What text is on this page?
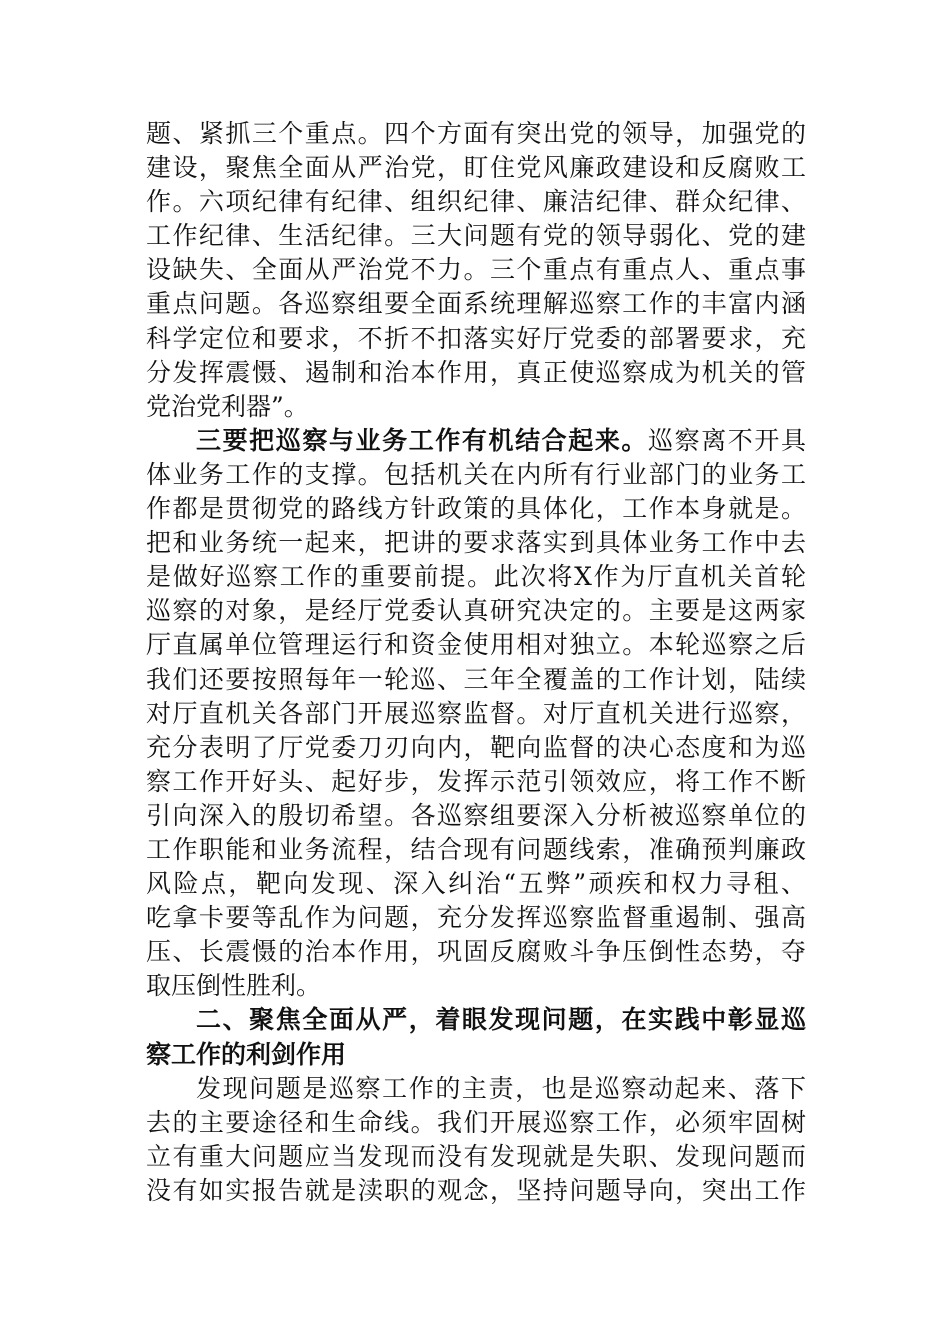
题、紧抓三个重点。四个方面有突出党的领导，加强党的
建设，聚焦全面从严治党，盯住党风廉政建设和反腐败工
作。六项纪律有纪律、组织纪律、廉洁纪律、群众纪律、
工作纪律、生活纪律。三大问题有党的领导弱化、党的建
设缺失、全面从严治党不力。三个重点有重点人、重点事
重点问题。各巡察组要全面系统理解巡察工作的丰富内涵
科学定位和要求，不折不扣落实好厅党委的部署要求，充
分发挥震慑、遏制和治本作用，真正使巡察成为机关的管
党治党利器”。
三要把巡察与业务工作有机结合起来。巡察离不开具
体业务工作的支撑。包括机关在内所有行业部门的业务工
作都是贯彻党的路线方针政策的具体化，工作本身就是。
把和业务统一起来，把讲的要求落实到具体业务工作中去
是做好巡察工作的重要前提。此次将X作为厅直机关首轮
巡察的对象，是经厅党委认真研究决定的。主要是这两家
厅直属单位管理运行和资金使用相对独立。本轮巡察之后
我们还要按照每年一轮巡、三年全覆盖的工作计划，陆续
对厅直机关各部门开展巡察监督。对厅直机关进行巡察，
充分表明了厅党委刀刃向内，靶向监督的决心态度和为巡
察工作开好头、起好步，发挥示范引领效应，将工作不断
引向深入的殷切希望。各巡察组要深入分析被巡察单位的
工作职能和业务流程，结合现有问题线索，准确预判廉政
风险点，靶向发现、深入纠治“五弊”顽疾和权力寻租、
吃拿卡要等乱作为问题，充分发挥巡察监督重遏制、强高
压、长震慑的治本作用，巩固反腐败斗争压倒性态势，夺
取压倒性胜利。
二、聚焦全面从严，着眼发现问题，在实践中彰显巡
察工作的利剑作用
发现问题是巡察工作的主责，也是巡察动起来、落下
去的主要途径和生命线。我们开展巡察工作，必须牢固树
立有重大问题应当发现而没有发现就是失职、发现问题而
没有如实报告就是渎职的观念，坚持问题导向，突出工作
